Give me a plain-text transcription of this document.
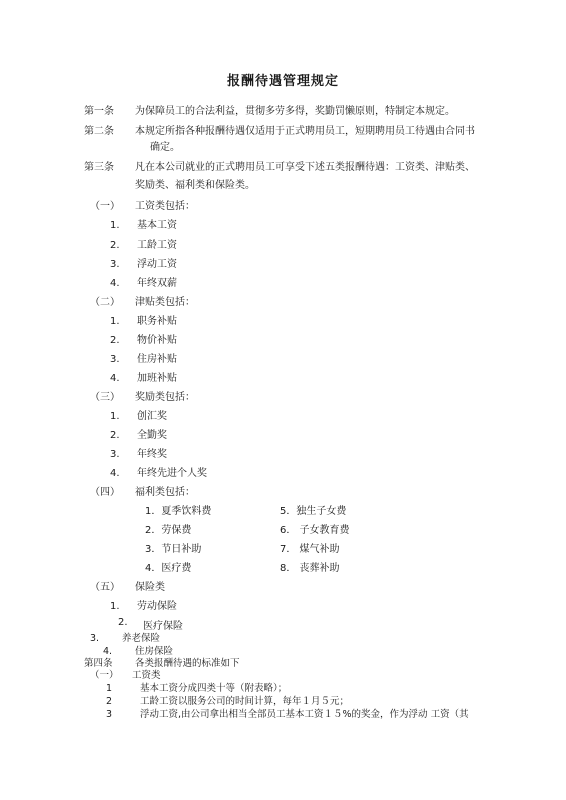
报酬待遇管理规定
第一条 为保障员工的合法利益，贯彻多劳多得，奖勤罚懒原则，特制定本规定。
第二条 本规定所指各种报酬待遇仅适用于正式聘用员工，短期聘用员工待遇由合同书
确定。
第三条 凡在本公司就业的正式聘用员工可享受下述五类报酬待遇：工资类、津贴类、
奖励类、福利类和保险类。
（一） 工资类包括：
1. 基本工资
2. 工龄工资
3. 浮动工资
4. 年终双薪
（二） 津贴类包括：
1. 职务补贴
2. 物价补贴
3. 住房补贴
4. 加班补贴
（三） 奖励类包括：
1. 创汇奖
2. 全勤奖
3. 年终奖
4. 年终先进个人奖
（四） 福利类包括：
1．夏季饮料费	5．独生子女费
2．劳保费	6． 子女教育费
3．节日补助	7． 煤气补助
4．医疗费	8． 丧葬补助
（五） 保险类
1. 劳动保险
2. 医疗保险
3. 养老保险
4. 住房保险
第四条 各类报酬待遇的标准如下
（一） 工资类
1	基本工资分成四类十等（附表略）；
2	工龄工资以服务公司的时间计算，每年１月５元；
3	浮动工资,由公司拿出相当全部员工基本工资１５%的奖金，作为浮动 工资（其
